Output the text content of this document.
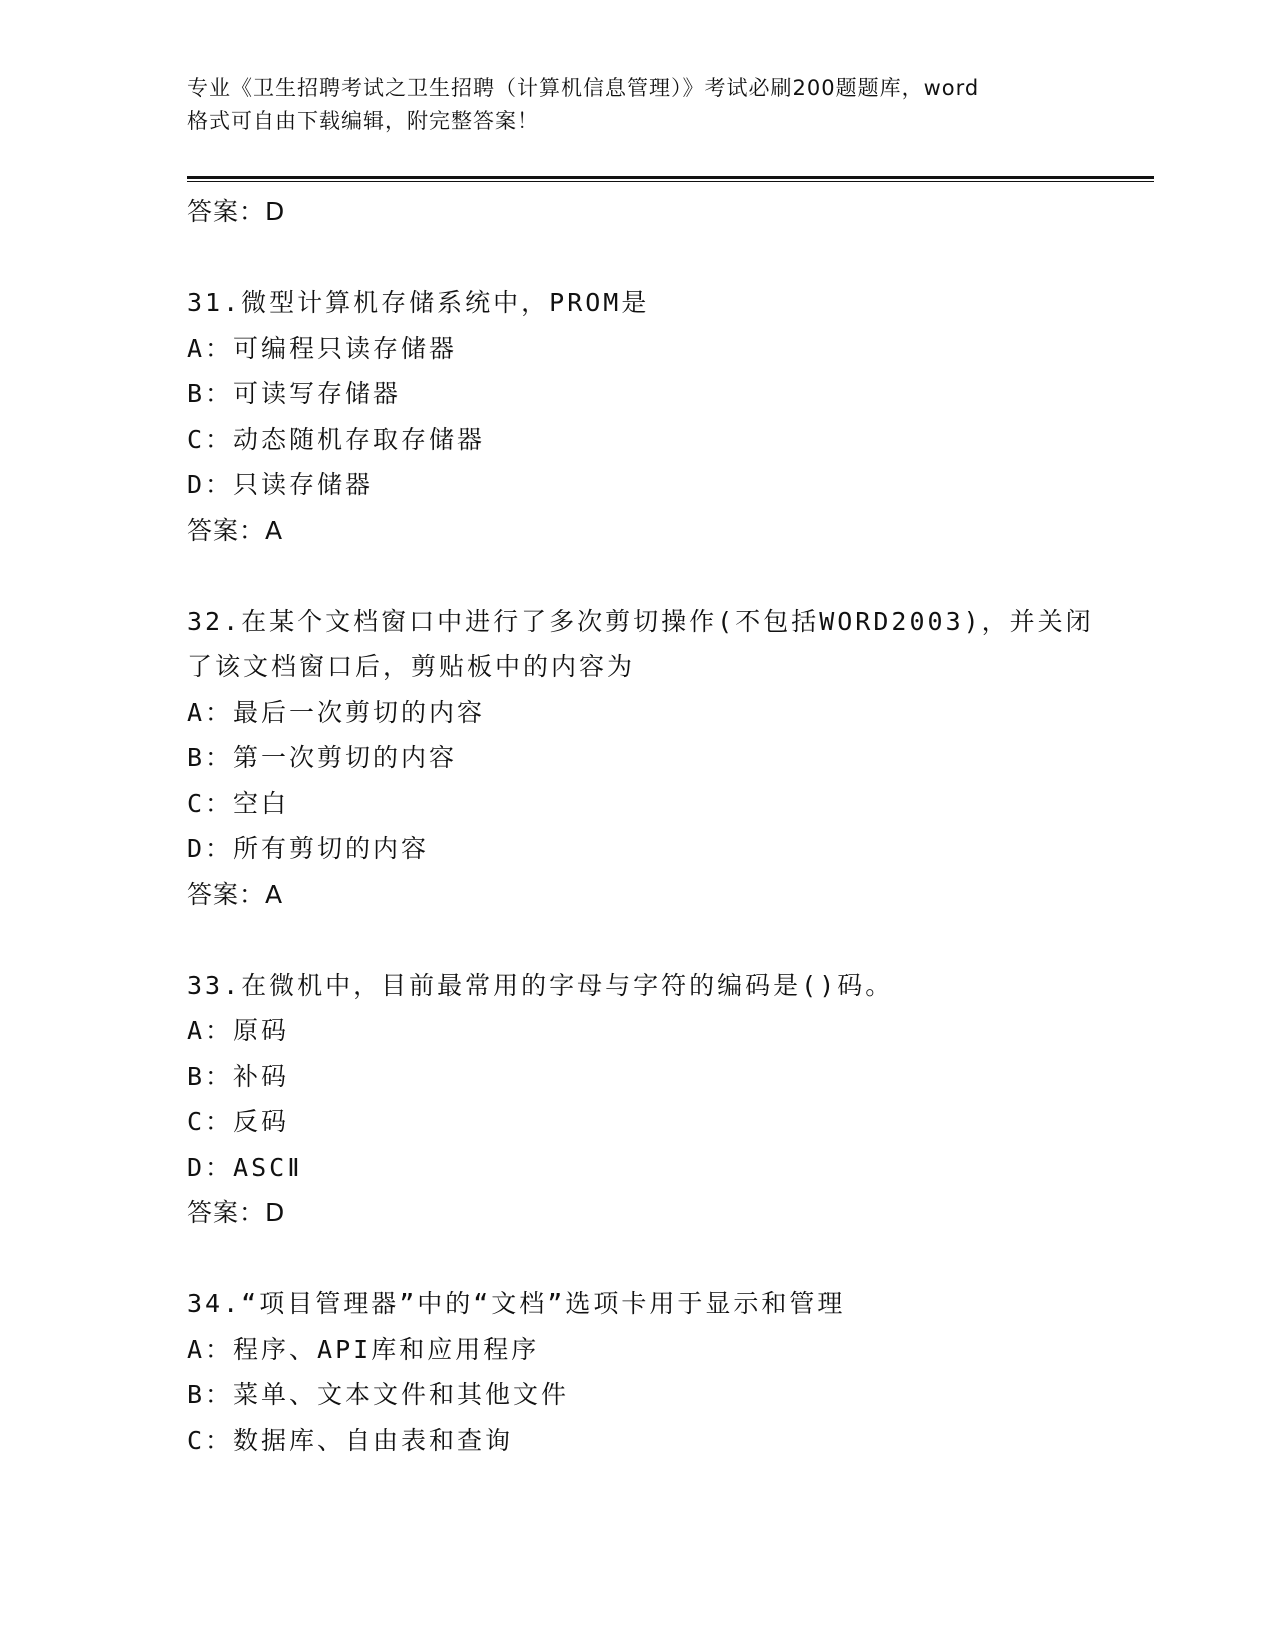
专业《卫生招聘考试之卫生招聘（计算机信息管理）》考试必刷200题题库，word
格式可自由下载编辑，附完整答案！
答案：D
31.微型计算机存储系统中，PROM是
A：可编程只读存储器
B：可读写存储器
C：动态随机存取存储器
D：只读存储器
答案：A
32.在某个文档窗口中进行了多次剪切操作(不包括WORD2003)，并关闭
了该文档窗口后，剪贴板中的内容为
A：最后一次剪切的内容
B：第一次剪切的内容
C：空白
D：所有剪切的内容
答案：A
33.在微机中，目前最常用的字母与字符的编码是()码。
A：原码
B：补码
C：反码
D：ASCⅡ
答案：D
34.“项目管理器”中的“文档”选项卡用于显示和管理
A：程序、API库和应用程序
B：菜单、文本文件和其他文件
C：数据库、自由表和查询
